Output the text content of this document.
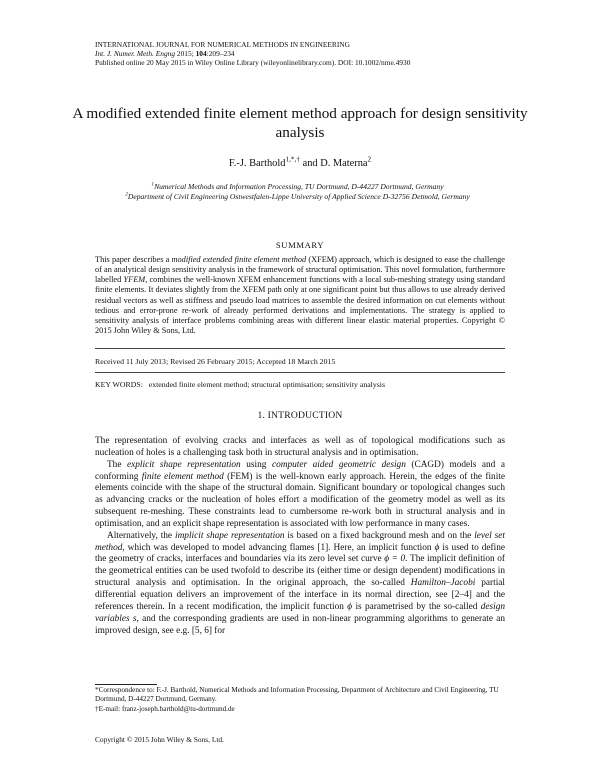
INTERNATIONAL JOURNAL FOR NUMERICAL METHODS IN ENGINEERING
Int. J. Numer. Meth. Engng 2015; 104:209–234
Published online 20 May 2015 in Wiley Online Library (wileyonlinelibrary.com). DOI: 10.1002/nme.4930
A modified extended finite element method approach for design sensitivity analysis
F.-J. Barthold$^{1,*,\dagger}$ and D. Materna$^2$
$^1$Numerical Methods and Information Processing, TU Dortmund, D-44227 Dortmund, Germany
$^2$Department of Civil Engineering Ostwestfalen-Lippe University of Applied Science D-32756 Detmold, Germany
SUMMARY
This paper describes a modified extended finite element method (XFEM) approach, which is designed to ease the challenge of an analytical design sensitivity analysis in the framework of structural optimisation. This novel formulation, furthermore labelled YFEM, combines the well-known XFEM enhancement functions with a local sub-meshing strategy using standard finite elements. It deviates slightly from the XFEM path only at one significant point but thus allows to use already derived residual vectors as well as stiffness and pseudo load matrices to assemble the desired information on cut elements without tedious and error-prone re-work of already performed derivations and implementations. The strategy is applied to sensitivity analysis of interface problems combining areas with different linear elastic material properties. Copyright © 2015 John Wiley & Sons, Ltd.
Received 11 July 2013; Revised 26 February 2015; Accepted 18 March 2015
KEY WORDS: extended finite element method; structural optimisation; sensitivity analysis
1. INTRODUCTION

The representation of evolving cracks and interfaces as well as of topological modifications such as nucleation of holes is a challenging task both in structural analysis and in optimisation.

The explicit shape representation using computer aided geometric design (CAGD) models and a conforming finite element method (FEM) is the well-known early approach. Herein, the edges of the finite elements coincide with the shape of the structural domain. Significant boundary or topological changes such as advancing cracks or the nucleation of holes effort a modification of the geometry model as well as its subsequent re-meshing. These constraints lead to cumbersome re-work both in structural analysis and in optimisation, and an explicit shape representation is associated with low performance in many cases.

Alternatively, the implicit shape representation is based on a fixed background mesh and on the level set method, which was developed to model advancing flames [1]. Here, an implicit function ϕ is used to define the geometry of cracks, interfaces and boundaries via its zero level set curve ϕ = 0. The implicit definition of the geometrical entities can be used twofold to describe its (either time or design dependent) modifications in structural analysis and optimisation. In the original approach, the so-called Hamilton–Jacobi partial differential equation delivers an improvement of the interface in its normal direction, see [2–4] and the references therein. In a recent modification, the implicit function ϕ is parametrised by the so-called design variables s, and the corresponding gradients are used in non-linear programming algorithms to generate an improved design, see e.g. [5, 6] for

*Correspondence to: F.-J. Barthold, Numerical Methods and Information Processing, Department of Architecture and Civil Engineering, TU Dortmund, D-44227 Dortmund, Germany.

†E-mail: franz-joseph.barthold@tu-dortmund.de

Copyright © 2015 John Wiley & Sons, Ltd.
